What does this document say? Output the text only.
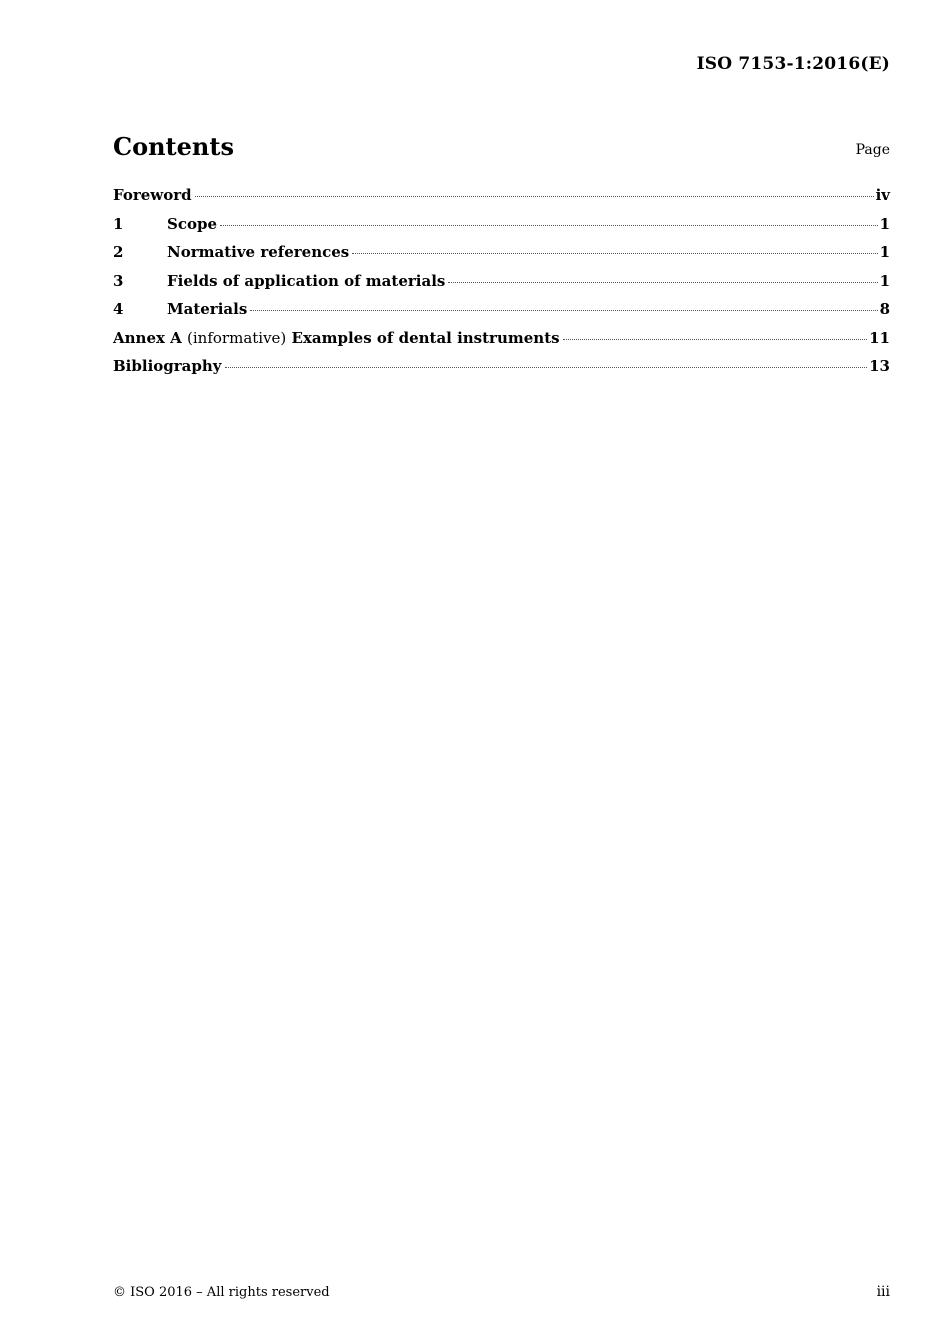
ISO 7153-1:2016(E)
Contents	Page
Foreword	iv
1	Scope	1
2	Normative references	1
3	Fields of application of materials	1
4	Materials	8
Annex A (informative) Examples of dental instruments	11
Bibliography	13
© ISO 2016 – All rights reserved	iii
